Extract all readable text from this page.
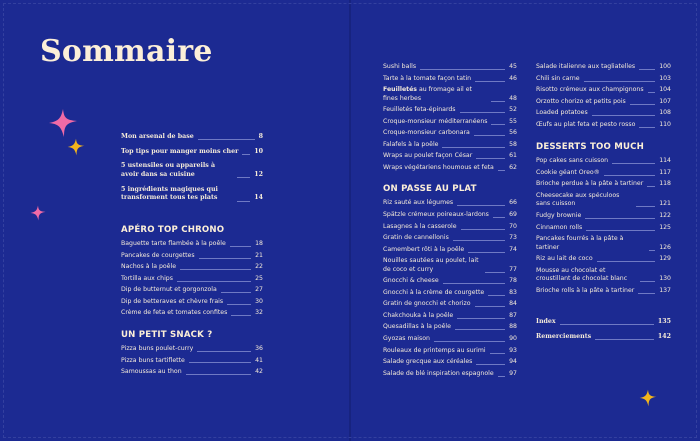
Sommaire
Mon arsenal de base	8
Top tips pour manger moins cher	10
5 ustensiles ou appareils à avoir dans sa cuisine	12
5 ingrédients magiques qui transforment tous tes plats	14
APÉRO TOP CHRONO
Baguette tarte flambée à la poêle	18
Pancakes de courgettes	21
Nachos à la poêle	22
Tortilla aux chips	25
Dip de butternut et gorgonzola	27
Dip de betteraves et chèvre frais	30
Crème de feta et tomates confites	32
UN PETIT SNACK ?
Pizza buns poulet-curry	36
Pizza buns tartiflette	41
Samoussas au thon	42
Sushi balls	45
Tarte à la tomate façon tatin	46
Feuilletés au fromage ail et fines herbes	48
Feuilletés feta-épinards	52
Croque-monsieur méditerranéens	55
Croque-monsieur carbonara	56
Falafels à la poêle	58
Wraps au poulet façon César	61
Wraps végétariens houmous et feta 62
ON PASSE AU PLAT
Riz sauté aux légumes	66
Spätzle crémeux poireaux-lardons	69
Lasagnes à la casserole	70
Gratin de cannellonis	73
Camembert rôti à la poêle	74
Nouilles sautées au poulet, lait de coco et curry	77
Gnocchi & cheese	78
Gnocchi à la crème de courgette	83
Gratin de gnocchi et chorizo	84
Chakchouka à la poêle	87
Quesadillas à la poêle	88
Gyozas maison	90
Rouleaux de printemps au surimi	93
Salade grecque aux céréales	94
Salade de blé inspiration espagnole 97
Salade italienne aux tagliatelles	100
Chili sin carne	103
Risotto crémeux aux champignons	104
Orzotto chorizo et petits pois	107
Loaded potatoes	108
Œufs au plat feta et pesto rosso	110
DESSERTS TOO MUCH
Pop cakes sans cuisson	114
Cookie géant Oreo®	117
Brioche perdue à la pâte à tartiner	118
Cheesecake aux spéculoos sans cuisson	121
Fudgy brownie	122
Cinnamon rolls	125
Pancakes fourrés à la pâte à tartiner	126
Riz au lait de coco	129
Mousse au chocolat et croustillant de chocolat blanc	130
Brioche rolls à la pâte à tartiner	137
Index	135
Remerciements	142
